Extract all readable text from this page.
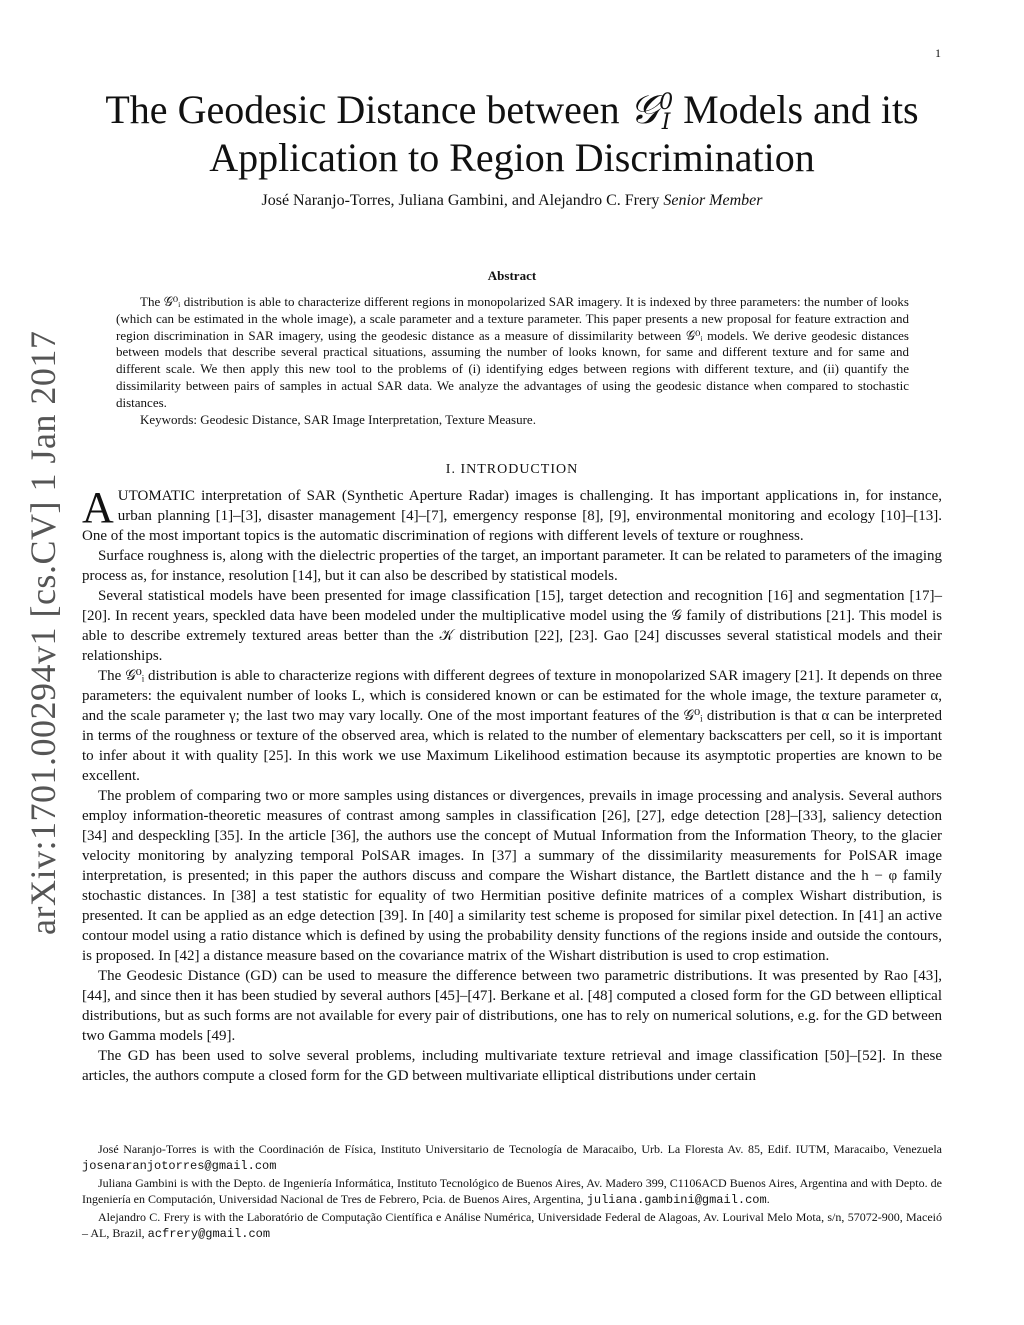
1
arXiv:1701.00294v1 [cs.CV] 1 Jan 2017
The Geodesic Distance between 𝒢 0
I Models and its
Application to Region Discrimination
José Naranjo-Torres, Juliana Gambini, and Alejandro C. Frery Senior Member
Abstract

The 𝒢⁰ᵢ distribution is able to characterize different regions in monopolarized SAR imagery. It is indexed by three parameters: the number of looks (which can be estimated in the whole image), a scale parameter and a texture parameter. This paper presents a new proposal for feature extraction and region discrimination in SAR imagery, using the geodesic distance as a measure of dissimilarity between 𝒢⁰ᵢ models. We derive geodesic distances between models that describe several practical situations, assuming the number of looks known, for same and different texture and for same and different scale. We then apply this new tool to the problems of (i) identifying edges between regions with different texture, and (ii) quantify the dissimilarity between pairs of samples in actual SAR data. We analyze the advantages of using the geodesic distance when compared to stochastic distances.

Keywords: Geodesic Distance, SAR Image Interpretation, Texture Measure.

I. INTRODUCTION

AUTOMATIC interpretation of SAR (Synthetic Aperture Radar) images is challenging. It has important applications in, for instance, urban planning [1]–[3], disaster management [4]–[7], emergency response [8], [9], environmental monitoring and ecology [10]–[13]. One of the most important topics is the automatic discrimination of regions with different levels of texture or roughness.

Surface roughness is, along with the dielectric properties of the target, an important parameter. It can be related to parameters of the imaging process as, for instance, resolution [14], but it can also be described by statistical models.

Several statistical models have been presented for image classification [15], target detection and recognition [16] and segmentation [17]–[20]. In recent years, speckled data have been modeled under the multiplicative model using the 𝒢 family of distributions [21]. This model is able to describe extremely textured areas better than the 𝒦 distribution [22], [23]. Gao [24] discusses several statistical models and their relationships.

The 𝒢⁰ᵢ distribution is able to characterize regions with different degrees of texture in monopolarized SAR imagery [21]. It depends on three parameters: the equivalent number of looks L, which is considered known or can be estimated for the whole image, the texture parameter α, and the scale parameter γ; the last two may vary locally. One of the most important features of the 𝒢⁰ᵢ distribution is that α can be interpreted in terms of the roughness or texture of the observed area, which is related to the number of elementary backscatters per cell, so it is important to infer about it with quality [25]. In this work we use Maximum Likelihood estimation because its asymptotic properties are known to be excellent.

The problem of comparing two or more samples using distances or divergences, prevails in image processing and analysis. Several authors employ information-theoretic measures of contrast among samples in classification [26], [27], edge detection [28]–[33], saliency detection [34] and despeckling [35]. In the article [36], the authors use the concept of Mutual Information from the Information Theory, to the glacier velocity monitoring by analyzing temporal PolSAR images. In [37] a summary of the dissimilarity measurements for PolSAR image interpretation, is presented; in this paper the authors discuss and compare the Wishart distance, the Bartlett distance and the h − φ family stochastic distances. In [38] a test statistic for equality of two Hermitian positive definite matrices of a complex Wishart distribution, is presented. It can be applied as an edge detection [39]. In [40] a similarity test scheme is proposed for similar pixel detection. In [41] an active contour model using a ratio distance which is defined by using the probability density functions of the regions inside and outside the contours, is proposed. In [42] a distance measure based on the covariance matrix of the Wishart distribution is used to crop estimation.

The Geodesic Distance (GD) can be used to measure the difference between two parametric distributions. It was presented by Rao [43], [44], and since then it has been studied by several authors [45]–[47]. Berkane et al. [48] computed a closed form for the GD between elliptical distributions, but as such forms are not available for every pair of distributions, one has to rely on numerical solutions, e.g. for the GD between two Gamma models [49].

The GD has been used to solve several problems, including multivariate texture retrieval and image classification [50]–[52]. In these articles, the authors compute a closed form for the GD between multivariate elliptical distributions under certain

José Naranjo-Torres is with the Coordinación de Física, Instituto Universitario de Tecnología de Maracaibo, Urb. La Floresta Av. 85, Edif. IUTM, Maracaibo, Venezuela josenaranjotorres@gmail.com

Juliana Gambini is with the Depto. de Ingeniería Informática, Instituto Tecnológico de Buenos Aires, Av. Madero 399, C1106ACD Buenos Aires, Argentina and with Depto. de Ingeniería en Computación, Universidad Nacional de Tres de Febrero, Pcia. de Buenos Aires, Argentina, juliana.gambini@gmail.com.

Alejandro C. Frery is with the Laboratório de Computação Científica e Análise Numérica, Universidade Federal de Alagoas, Av. Lourival Melo Mota, s/n, 57072-900, Maceió – AL, Brazil, acfrery@gmail.com
